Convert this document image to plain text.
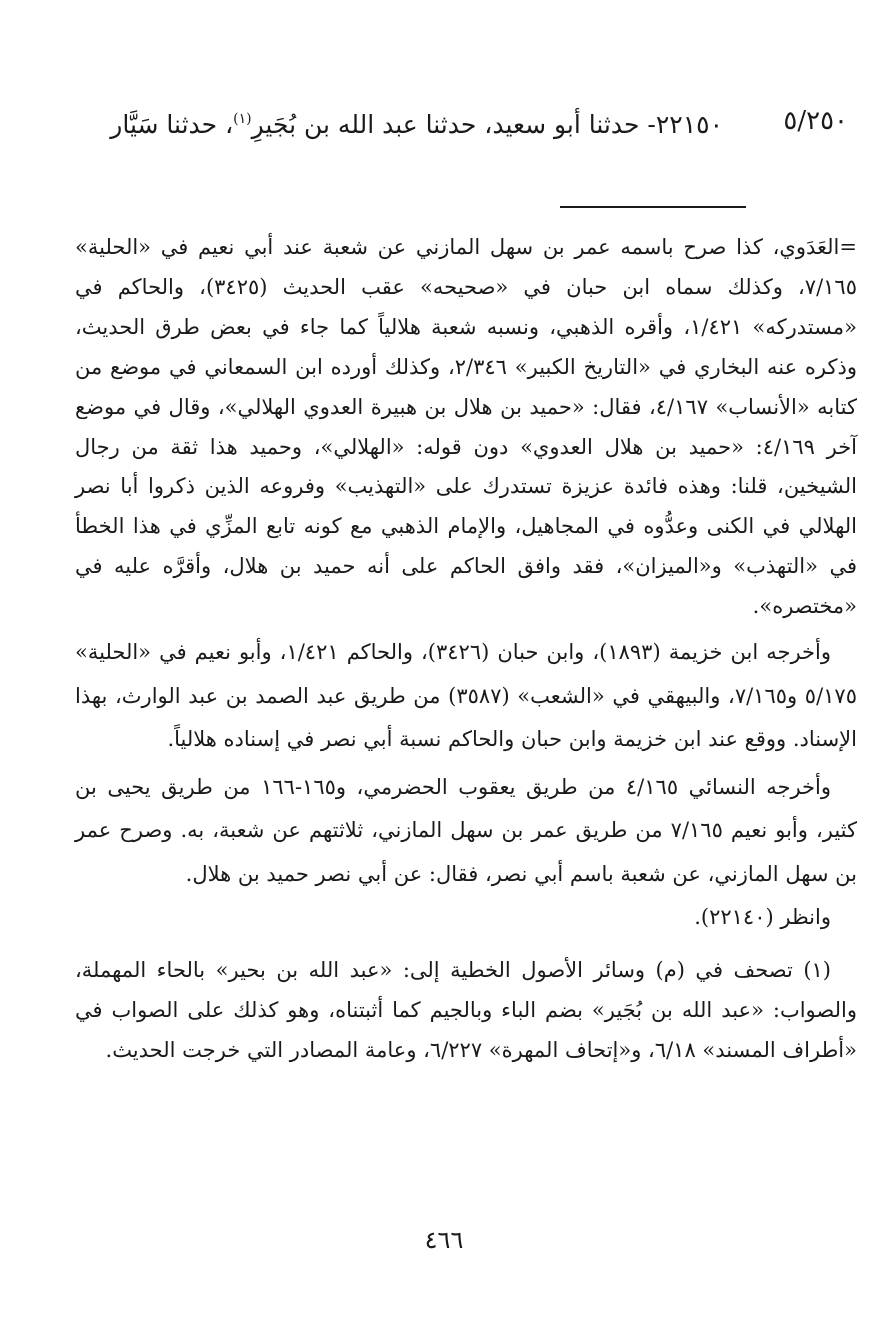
٥/٢٥٠
٢٢١٥٠- حدثنا أبو سعيد، حدثنا عبد الله بن بُجَيرٍ$^{(١)}$، حدثنا سَيَّار

=العَدَوي، كذا صرح باسمه عمر بن سهل المازني عن شعبة عند أبي نعيم في «الحلية» ٧/١٦٥، وكذلك سماه ابن حبان في «صحيحه» عقب الحديث (٣٤٢٥)، والحاكم في «مستدركه» ١/٤٢١، وأقره الذهبي، ونسبه شعبة هلالياً كما جاء في بعض طرق الحديث، وذكره عنه البخاري في «التاريخ الكبير» ٢/٣٤٦، وكذلك أورده ابن السمعاني في موضع من كتابه «الأنساب» ٤/١٦٧، فقال: «حميد بن هلال بن هبيرة العدوي الهلالي»، وقال في موضع آخر ٤/١٦٩: «حميد بن هلال العدوي» دون قوله: «الهلالي»، وحميد هذا ثقة من رجال الشيخين، قلنا: وهذه فائدة عزيزة تستدرك على «التهذيب» وفروعه الذين ذكروا أبا نصر الهلالي في الكنى وعدُّوه في المجاهيل، والإمام الذهبي مع كونه تابع المزِّي في هذا الخطأ في «التهذب» و«الميزان»، فقد وافق الحاكم على أنه حميد بن هلال، وأقرَّه عليه في «مختصره».

وأخرجه ابن خزيمة (١٨٩٣)، وابن حبان (٣٤٢٦)، والحاكم ١/٤٢١، وأبو نعيم في «الحلية» ٥/١٧٥ و٧/١٦٥، والبيهقي في «الشعب» (٣٥٨٧) من طريق عبد الصمد بن عبد الوارث، بهذا الإسناد. ووقع عند ابن خزيمة وابن حبان والحاكم نسبة أبي نصر في إسناده هلالياً.

وأخرجه النسائي ٤/١٦٥ من طريق يعقوب الحضرمي، و١٦٥-١٦٦ من طريق يحيى بن كثير، وأبو نعيم ٧/١٦٥ من طريق عمر بن سهل المازني، ثلاثتهم عن شعبة، به. وصرح عمر بن سهل المازني، عن شعبة باسم أبي نصر، فقال: عن أبي نصر حميد بن هلال.

وانظر (٢٢١٤٠).

(١) تصحف في (م) وسائر الأصول الخطية إلى: «عبد الله بن بحير» بالحاء المهملة، والصواب: «عبد الله بن بُجَير» بضم الباء وبالجيم كما أثبتناه، وهو كذلك على الصواب في «أطراف المسند» ٦/١٨، و«إتحاف المهرة» ٦/٢٢٧، وعامة المصادر التي خرجت الحديث.

٤٦٦
